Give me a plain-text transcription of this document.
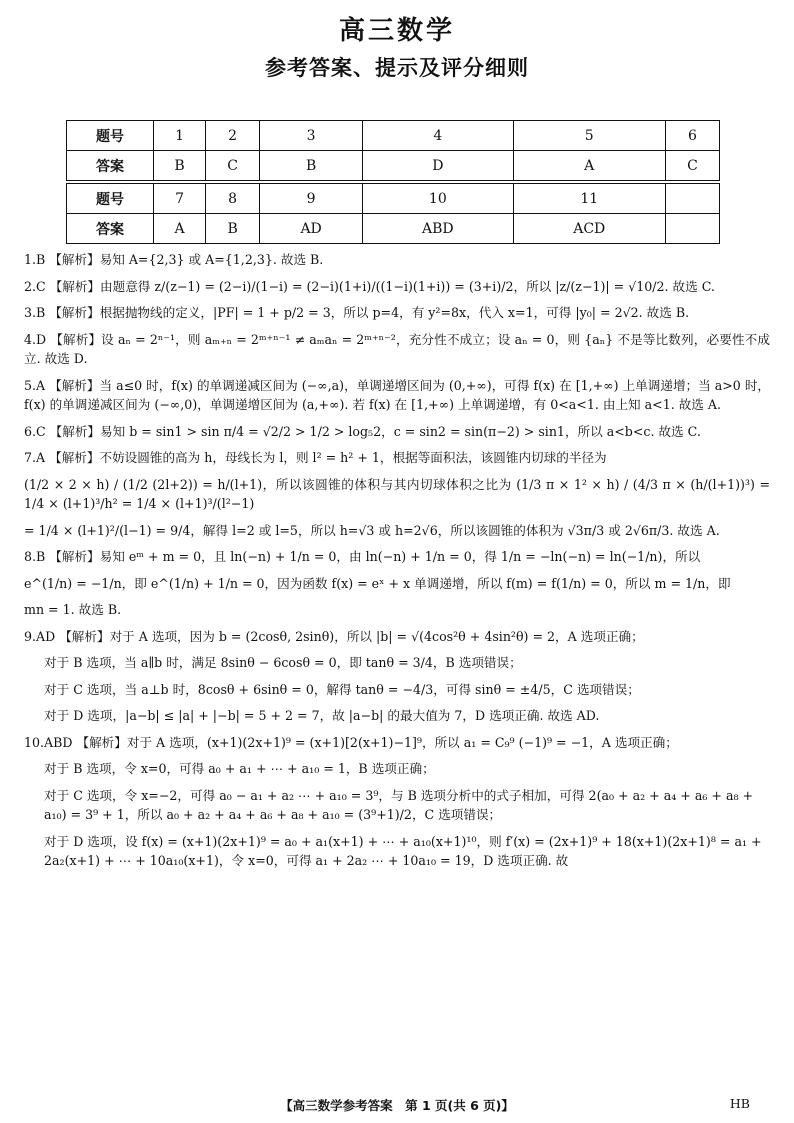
高三数学
参考答案、提示及评分细则
题号	1	2	3	4	5	6
答案	B	C	B	D	A	C
题号	7	8	9	10	11	
答案	A	B	AD	ABD	ACD	

1.B 【解析】易知 A={2,3} 或 A={1,2,3}. 故选 B.

2.C 【解析】由题意得 z/(z−1) = (2−i)/(1−i) = (2−i)(1+i)/((1−i)(1+i)) = (3+i)/2，所以 |z/(z−1)| = √10/2. 故选 C.

3.B 【解析】根据抛物线的定义，|PF| = 1 + p/2 = 3，所以 p=4，有 y²=8x，代入 x=1，可得 |y₀| = 2√2. 故选 B.

4.D 【解析】设 aₙ = 2ⁿ⁻¹，则 aₘ₊ₙ = 2ᵐ⁺ⁿ⁻¹ ≠ aₘaₙ = 2ᵐ⁺ⁿ⁻²，充分性不成立；设 aₙ = 0，则 {aₙ} 不是等比数列，必要性不成立. 故选 D.

5.A 【解析】当 a≤0 时，f(x) 的单调递减区间为 (−∞,a)，单调递增区间为 (0,+∞)，可得 f(x) 在 [1,+∞) 上单调递增；当 a>0 时，f(x) 的单调递减区间为 (−∞,0)，单调递增区间为 (a,+∞). 若 f(x) 在 [1,+∞) 上单调递增，有 0<a<1. 由上知 a<1. 故选 A.

6.C 【解析】易知 b = sin1 > sin π/4 = √2/2 > 1/2 > log₅2，c = sin2 = sin(π−2) > sin1，所以 a<b<c. 故选 C.

7.A 【解析】不妨设圆锥的高为 h，母线长为 l，则 l² = h² + 1，根据等面积法，该圆锥内切球的半径为

(1/2 × 2 × h) / (1/2 (2l+2)) = h/(l+1)，所以该圆锥的体积与其内切球体积之比为 (1/3 π × 1² × h) / (4/3 π × (h/(l+1))³) = 1/4 × (l+1)³/h² = 1/4 × (l+1)³/(l²−1)

= 1/4 × (l+1)²/(l−1) = 9/4，解得 l=2 或 l=5，所以 h=√3 或 h=2√6，所以该圆锥的体积为 √3π/3 或 2√6π/3. 故选 A.

8.B 【解析】易知 eᵐ + m = 0，且 ln(−n) + 1/n = 0，由 ln(−n) + 1/n = 0，得 1/n = −ln(−n) = ln(−1/n)，所以

e^(1/n) = −1/n，即 e^(1/n) + 1/n = 0，因为函数 f(x) = eˣ + x 单调递增，所以 f(m) = f(1/n) = 0，所以 m = 1/n，即

mn = 1. 故选 B.

9.AD 【解析】对于 A 选项，因为 b = (2cosθ, 2sinθ)，所以 |b| = √(4cos²θ + 4sin²θ) = 2，A 选项正确；

对于 B 选项，当 a∥b 时，满足 8sinθ − 6cosθ = 0，即 tanθ = 3/4，B 选项错误；

对于 C 选项，当 a⊥b 时，8cosθ + 6sinθ = 0，解得 tanθ = −4/3，可得 sinθ = ±4/5，C 选项错误；

对于 D 选项，|a−b| ≤ |a| + |−b| = 5 + 2 = 7，故 |a−b| 的最大值为 7，D 选项正确. 故选 AD.

10.ABD 【解析】对于 A 选项，(x+1)(2x+1)⁹ = (x+1)[2(x+1)−1]⁹，所以 a₁ = C₉⁹ (−1)⁹ = −1，A 选项正确；

对于 B 选项，令 x=0，可得 a₀ + a₁ + ⋯ + a₁₀ = 1，B 选项正确；

对于 C 选项，令 x=−2，可得 a₀ − a₁ + a₂ ⋯ + a₁₀ = 3⁹，与 B 选项分析中的式子相加，可得 2(a₀ + a₂ + a₄ + a₆ + a₈ + a₁₀) = 3⁹ + 1，所以 a₀ + a₂ + a₄ + a₆ + a₈ + a₁₀ = (3⁹+1)/2，C 选项错误；

对于 D 选项，设 f(x) = (x+1)(2x+1)⁹ = a₀ + a₁(x+1) + ⋯ + a₁₀(x+1)¹⁰，则 f′(x) = (2x+1)⁹ + 18(x+1)(2x+1)⁸ = a₁ + 2a₂(x+1) + ⋯ + 10a₁₀(x+1)，令 x=0，可得 a₁ + 2a₂ ⋯ + 10a₁₀ = 19，D 选项正确. 故

【高三数学参考答案　第 1 页(共 6 页)】	HB
